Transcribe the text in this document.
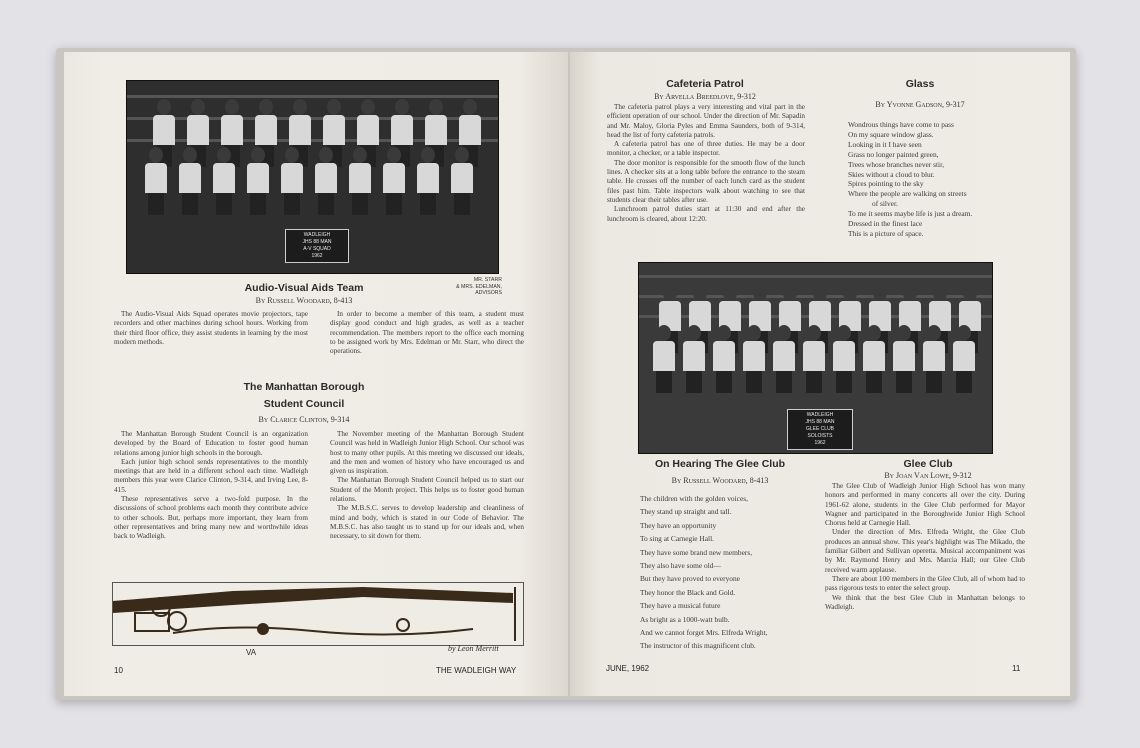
WADLEIGH
JHS 88 MAN
A-V SQUAD
1962
MR. STARR
& MRS. EDELMAN,
ADVISORS
Audio-Visual Aids Team
By Russell Woodard, 8-413

The Audio-Visual Aids Squad operates movie projectors, tape recorders and other machines during school hours. Working from their third floor office, they assist students in learning by the most modern methods.

In order to become a member of this team, a student must display good conduct and high grades, as well as a teacher recommendation. The members report to the office each morning to be assigned work by Mrs. Edelman or Mr. Starr, who direct the operations.

The Manhattan Borough
Student Council
By Clarice Clinton, 9-314

The Manhattan Borough Student Council is an organization developed by the Board of Education to foster good human relations among junior high schools in the borough.

Each junior high school sends representatives to the monthly meetings that are held in a different school each time. Wadleigh members this year were Clarice Clinton, 9-314, and Irving Lee, 8-415.

These representatives serve a two-fold purpose. In the discussions of school problems each month they contribute advice to other schools. But, perhaps more important, they learn from other representatives and bring many new and worthwhile ideas back to Wadleigh.

The November meeting of the Manhattan Borough Student Council was held in Wadleigh Junior High School. Our school was host to many other pupils. At this meeting we discussed our ideals, and the men and women of history who have encouraged us and given us inspiration.

The Manhattan Borough Student Council helped us to start our Student of the Month project. This helps us to foster good human relations.

The M.B.S.C. serves to develop leadership and cleanliness of mind and body, which is stated in our Code of Behavior. The M.B.S.C. has also taught us to stand up for our ideals and, when necessary, to sit down for them.

VA	by Leon Merritt
10	THE WADLEIGH WAY
Cafeteria Patrol
By Arvella Breedlove, 9-312

The cafeteria patrol plays a very interesting and vital part in the efficient operation of our school. Under the direction of Mr. Sapadin and Mr. Maloy, Gloria Pyles and Emma Saunders, both of 9-314, head the list of forty cafeteria patrols.

A cafeteria patrol has one of three duties. He may be a door monitor, a checker, or a table inspector.

The door monitor is responsible for the smooth flow of the lunch lines. A checker sits at a long table before the entrance to the steam table. He crosses off the number of each lunch card as the student files past him. Table inspectors walk about watching to see that students clear their tables after use.

Lunchroom patrol duties start at 11:30 and end after the lunchroom is cleared, about 12:20.

Glass
By Yvonne Gadson, 9-317
Wondrous things have come to pass
On my square window glass.
Looking in it I have seen
Grass no longer painted green,
Trees whose branches never stir,
Skies without a cloud to blur.
Spires pointing to the sky
Where the people are walking on streets
of silver.
To me it seems maybe life is just a dream.
Dressed in the finest lace
This is a picture of space.
WADLEIGH
JHS 88 MAN
GLEE CLUB
SOLOISTS
1962
On Hearing The Glee Club
By Russell Woodard, 8-413
The children with the golden voices,
They stand up straight and tall.
They have an opportunity
To sing at Carnegie Hall.
They have some brand new members,
They also have some old—
But they have proved to everyone
They honor the Black and Gold.
They have a musical future
As bright as a 1000-watt bulb.
And we cannot forget Mrs. Elfreda Wright,
The instructor of this magnificent club.
Glee Club
By Joan Van Lowe, 9-312

The Glee Club of Wadleigh Junior High School has won many honors and performed in many concerts all over the city. During 1961-62 alone, students in the Glee Club performed for Mayor Wagner and participated in the Boroughwide Junior High School Chorus held at Carnegie Hall.

Under the direction of Mrs. Elfreda Wright, the Glee Club produces an annual show. This year's highlight was The Mikado, the familiar Gilbert and Sullivan operetta. Musical accompaniment was by Mr. Raymond Henry and Mrs. Marcia Hall; our Glee Club received warm applause.

There are about 100 members in the Glee Club, all of whom had to pass rigorous tests to enter the select group.

We think that the best Glee Club in Manhattan belongs to Wadleigh.

JUNE, 1962	11
